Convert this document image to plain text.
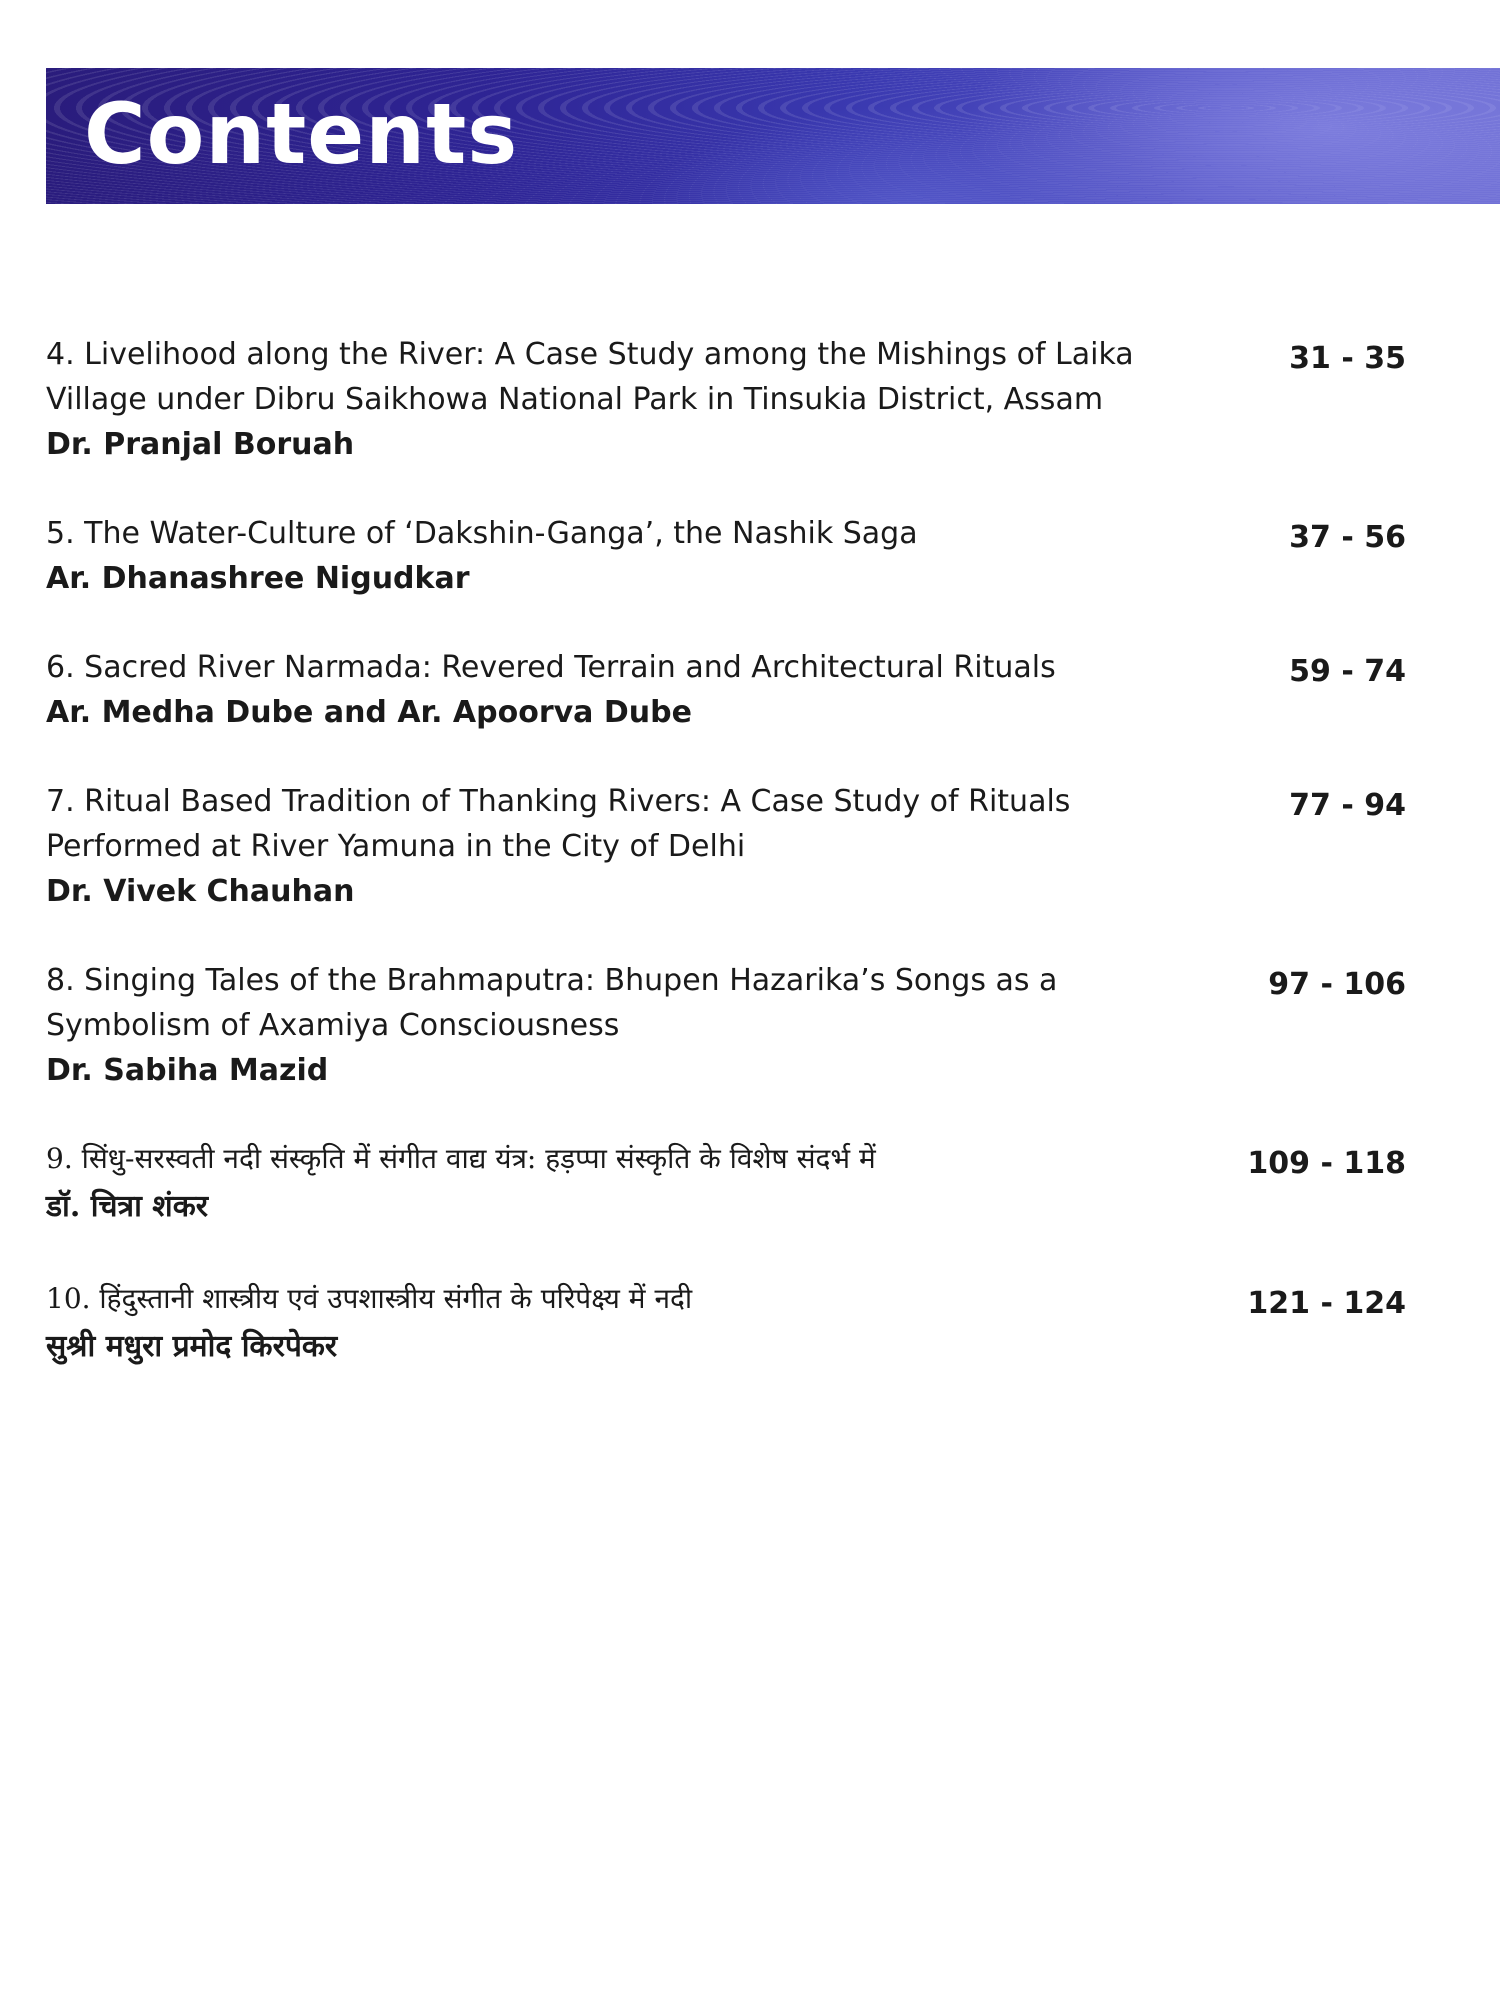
Contents
4. Livelihood along the River: A Case Study among the Mishings of Laika Village under Dibru Saikhowa National Park in Tinsukia District, Assam
Dr. Pranjal Boruah
31 - 35
5. The Water-Culture of ‘Dakshin-Ganga’, the Nashik Saga
Ar. Dhanashree Nigudkar
37 - 56
6. Sacred River Narmada: Revered Terrain and Architectural Rituals
Ar. Medha Dube and Ar. Apoorva Dube
59 - 74
7. Ritual Based Tradition of Thanking Rivers: A Case Study of Rituals Performed at River Yamuna in the City of Delhi
Dr. Vivek Chauhan
77 - 94
8. Singing Tales of the Brahmaputra: Bhupen Hazarika’s Songs as a Symbolism of Axamiya Consciousness
Dr. Sabiha Mazid
97 - 106
9. सिंधु-सरस्वती नदी संस्कृति में संगीत वाद्य यंत्र: हड़प्पा संस्कृति के विशेष संदर्भ में
डॉ. चित्रा शंकर
109 - 118
10. हिंदुस्तानी शास्त्रीय एवं उपशास्त्रीय संगीत के परिपेक्ष्य में नदी
सुश्री मधुरा प्रमोद किरपेकर
121 - 124
